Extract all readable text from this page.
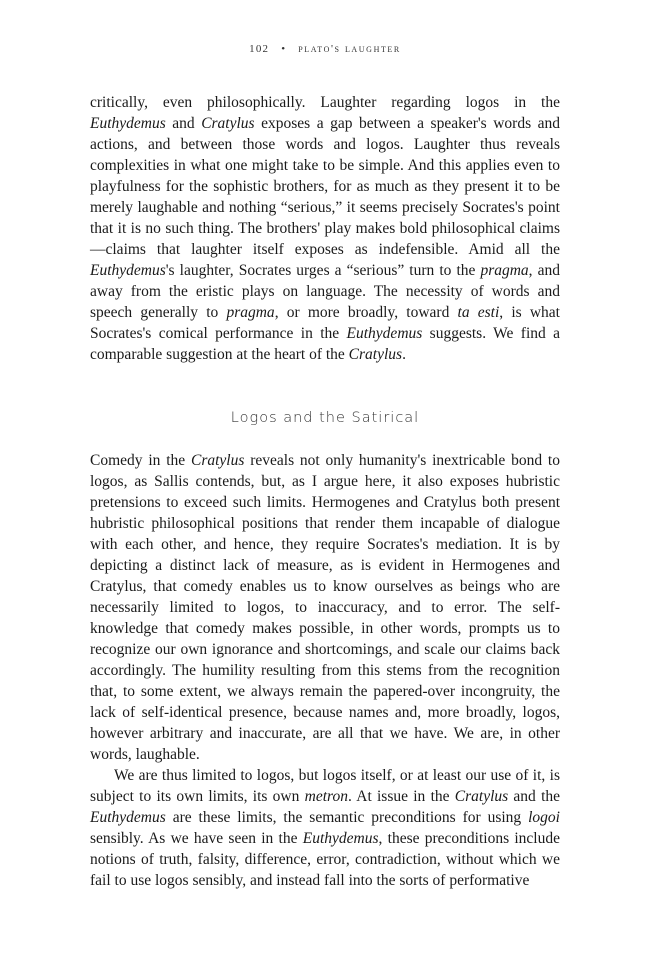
102 • plato's laughter

critically, even philosophically. Laughter regarding logos in the Euthydemus and Cratylus exposes a gap between a speaker's words and actions, and between those words and logos. Laughter thus reveals complexities in what one might take to be simple. And this applies even to playfulness for the sophistic brothers, for as much as they present it to be merely laughable and nothing “serious,” it seems precisely Socrates's point that it is no such thing. The brothers' play makes bold philosophical claims—claims that laughter itself exposes as indefensible. Amid all the Euthydemus's laughter, Socrates urges a “serious” turn to the pragma, and away from the eristic plays on language. The necessity of words and speech generally to pragma, or more broadly, toward ta esti, is what Socrates's comical performance in the Euthydemus suggests. We find a comparable suggestion at the heart of the Cratylus.

Logos and the Satirical

Comedy in the Cratylus reveals not only humanity's inextricable bond to logos, as Sallis contends, but, as I argue here, it also exposes hubristic pretensions to exceed such limits. Hermogenes and Cratylus both present hubristic philosophical positions that render them incapable of dialogue with each other, and hence, they require Socrates's mediation. It is by depicting a distinct lack of measure, as is evident in Hermogenes and Cratylus, that comedy enables us to know ourselves as beings who are necessarily limited to logos, to inaccuracy, and to error. The self-knowledge that comedy makes possible, in other words, prompts us to recognize our own ignorance and shortcomings, and scale our claims back accordingly. The humility resulting from this stems from the recognition that, to some extent, we always remain the papered-over incongruity, the lack of self-identical presence, because names and, more broadly, logos, however arbitrary and inaccurate, are all that we have. We are, in other words, laughable.

We are thus limited to logos, but logos itself, or at least our use of it, is subject to its own limits, its own metron. At issue in the Cratylus and the Euthydemus are these limits, the semantic preconditions for using logoi sensibly. As we have seen in the Euthydemus, these preconditions include notions of truth, falsity, difference, error, contradiction, without which we fail to use logos sensibly, and instead fall into the sorts of performative
